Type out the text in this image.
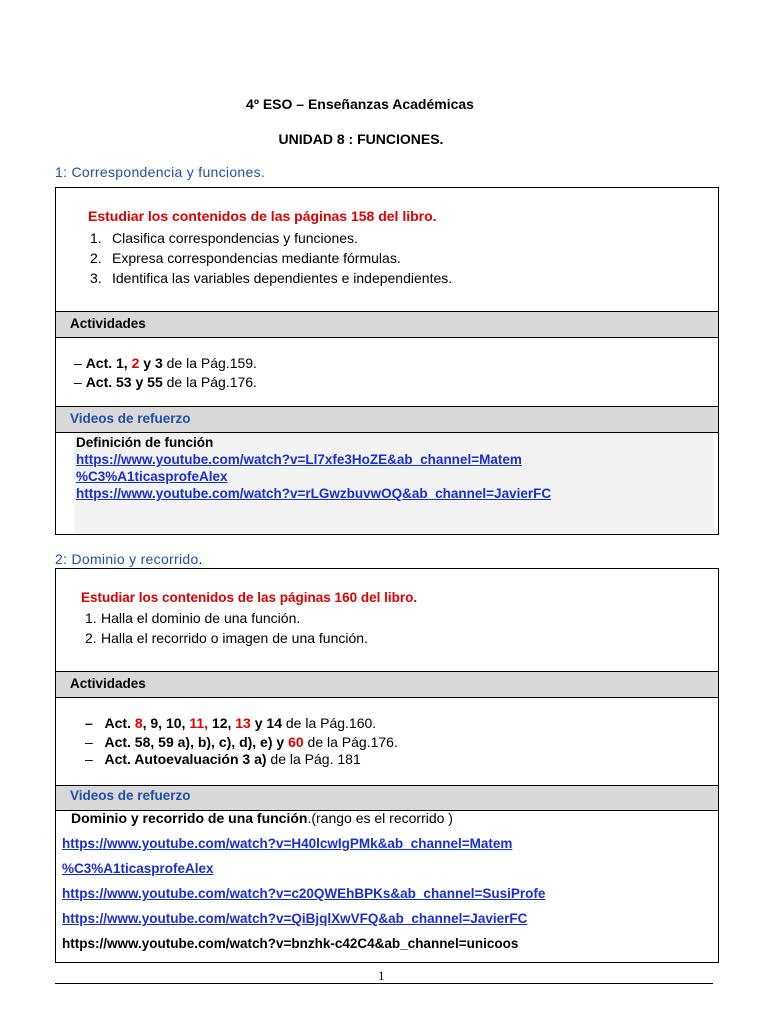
4º ESO – Enseñanzas Académicas
UNIDAD 8 : FUNCIONES.
1: Correspondencia y funciones.
Estudiar los contenidos de las páginas 158 del libro.
1. Clasifica correspondencias y funciones.
2. Expresa correspondencias mediante fórmulas.
3. Identifica las variables dependientes e independientes.
Actividades
– Act. 1, 2 y 3 de la Pág.159.
– Act. 53 y 55 de la Pág.176.
Videos de refuerzo
Definición de función
https://www.youtube.com/watch?v=Ll7xfe3HoZE&ab_channel=Matem
%C3%A1ticasprofeAlex
https://www.youtube.com/watch?v=rLGwzbuvwOQ&ab_channel=JavierFC
2: Dominio y recorrido.
Estudiar los contenidos de las páginas 160 del libro.
1. Halla el dominio de una función.
2. Halla el recorrido o imagen de una función.
Actividades
– Act. 8, 9, 10, 11, 12, 13 y 14 de la Pág.160.
– Act. 58, 59 a), b), c), d), e) y 60 de la Pág.176.
– Act. Autoevaluación 3 a) de la Pág. 181
Videos de refuerzo
Dominio y recorrido de una función.(rango es el recorrido )
https://www.youtube.com/watch?v=H40lcwIgPMk&ab_channel=Matem
%C3%A1ticasprofeAlex
https://www.youtube.com/watch?v=c20QWEhBPKs&ab_channel=SusiProfe
https://www.youtube.com/watch?v=QiBjqlXwVFQ&ab_channel=JavierFC
https://www.youtube.com/watch?v=bnzhk-c42C4&ab_channel=unicoos
1
